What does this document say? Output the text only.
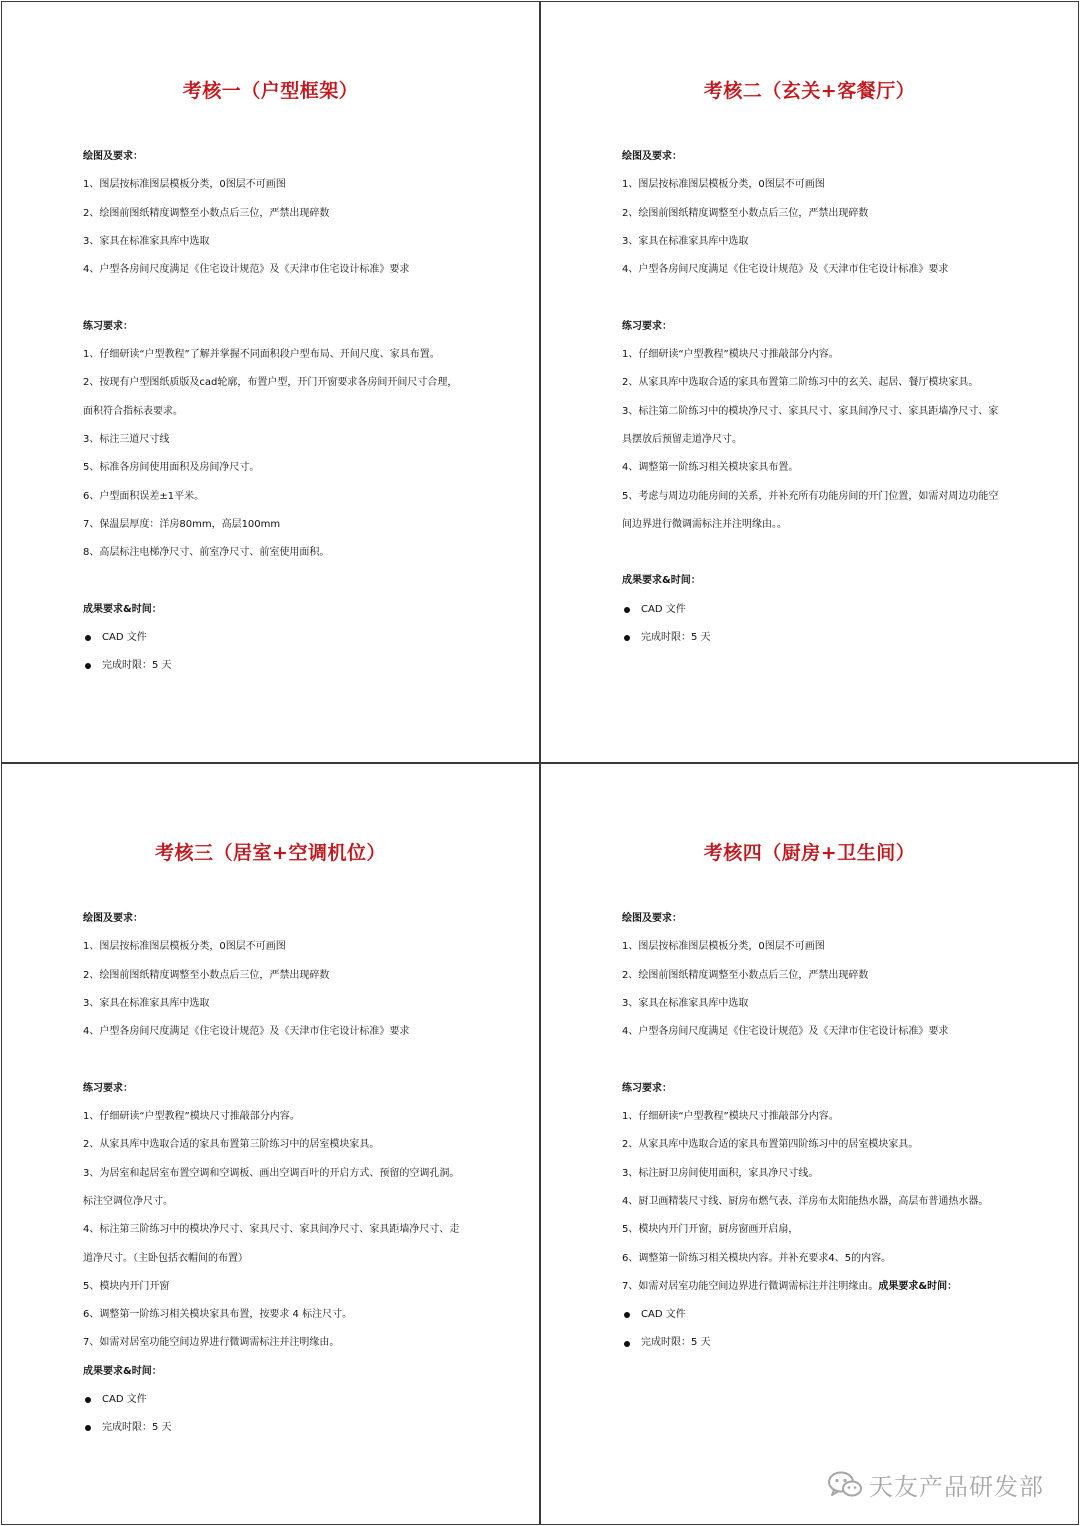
考核一（户型框架）
绘图及要求：
1、图层按标准图层模板分类，0图层不可画图
2、绘图前图纸精度调整至小数点后三位，严禁出现碎数
3、家具在标准家具库中选取
4、户型各房间尺度满足《住宅设计规范》及《天津市住宅设计标准》要求
练习要求：
1、仔细研读“户型教程”了解并掌握不同面积段户型布局、开间尺度、家具布置。
2、按现有户型图纸质版及cad轮廓，布置户型，开门开窗要求各房间开间尺寸合理，
面积符合指标表要求。
3、标注三道尺寸线
5、标准各房间使用面积及房间净尺寸。
6、户型面积误差±1平米。
7、保温层厚度：洋房80mm，高层100mm
8、高层标注电梯净尺寸、前室净尺寸、前室使用面积。
成果要求&时间：
CAD 文件
完成时限：5 天
考核二（玄关+客餐厅）
绘图及要求：
1、图层按标准图层模板分类，0图层不可画图
2、绘图前图纸精度调整至小数点后三位，严禁出现碎数
3、家具在标准家具库中选取
4、户型各房间尺度满足《住宅设计规范》及《天津市住宅设计标准》要求
练习要求：
1、仔细研读“户型教程”模块尺寸推敲部分内容。
2、从家具库中选取合适的家具布置第二阶练习中的玄关、起居、餐厅模块家具。
3、标注第二阶练习中的模块净尺寸、家具尺寸、家具间净尺寸、家具距墙净尺寸、家
具摆放后预留走道净尺寸。
4、调整第一阶练习相关模块家具布置。
5、考虑与周边功能房间的关系，并补充所有功能房间的开门位置，如需对周边功能空
间边界进行微调需标注并注明缘由。。
成果要求&时间：
CAD 文件
完成时限：5 天
考核三（居室+空调机位）
绘图及要求：
1、图层按标准图层模板分类，0图层不可画图
2、绘图前图纸精度调整至小数点后三位，严禁出现碎数
3、家具在标准家具库中选取
4、户型各房间尺度满足《住宅设计规范》及《天津市住宅设计标准》要求
练习要求：
1、仔细研读“户型教程”模块尺寸推敲部分内容。
2、从家具库中选取合适的家具布置第三阶练习中的居室模块家具。
3、为居室和起居室布置空调和空调板、画出空调百叶的开启方式、预留的空调孔洞。
标注空调位净尺寸。
4、标注第三阶练习中的模块净尺寸、家具尺寸、家具间净尺寸、家具距墙净尺寸、走
道净尺寸。（主卧包括衣帽间的布置）
5、模块内开门开窗
6、调整第一阶练习相关模块家具布置，按要求 4 标注尺寸。
7、如需对居室功能空间边界进行微调需标注并注明缘由。
成果要求&时间：
CAD 文件
完成时限：5 天
考核四（厨房+卫生间）
绘图及要求：
1、图层按标准图层模板分类，0图层不可画图
2、绘图前图纸精度调整至小数点后三位，严禁出现碎数
3、家具在标准家具库中选取
4、户型各房间尺度满足《住宅设计规范》及《天津市住宅设计标准》要求
练习要求：
1、仔细研读“户型教程”模块尺寸推敲部分内容。
2、从家具库中选取合适的家具布置第四阶练习中的居室模块家具。
3、标注厨卫房间使用面积，家具净尺寸线。
4、厨卫画精装尺寸线、厨房布燃气表、洋房布太阳能热水器，高层布普通热水器。
5、模块内开门开窗，厨房窗画开启扇，
6、调整第一阶练习相关模块内容。并补充要求4、5的内容。
7、如需对居室功能空间边界进行微调需标注并注明缘由。成果要求&时间：
CAD 文件
完成时限：5 天
天友产品研发部
